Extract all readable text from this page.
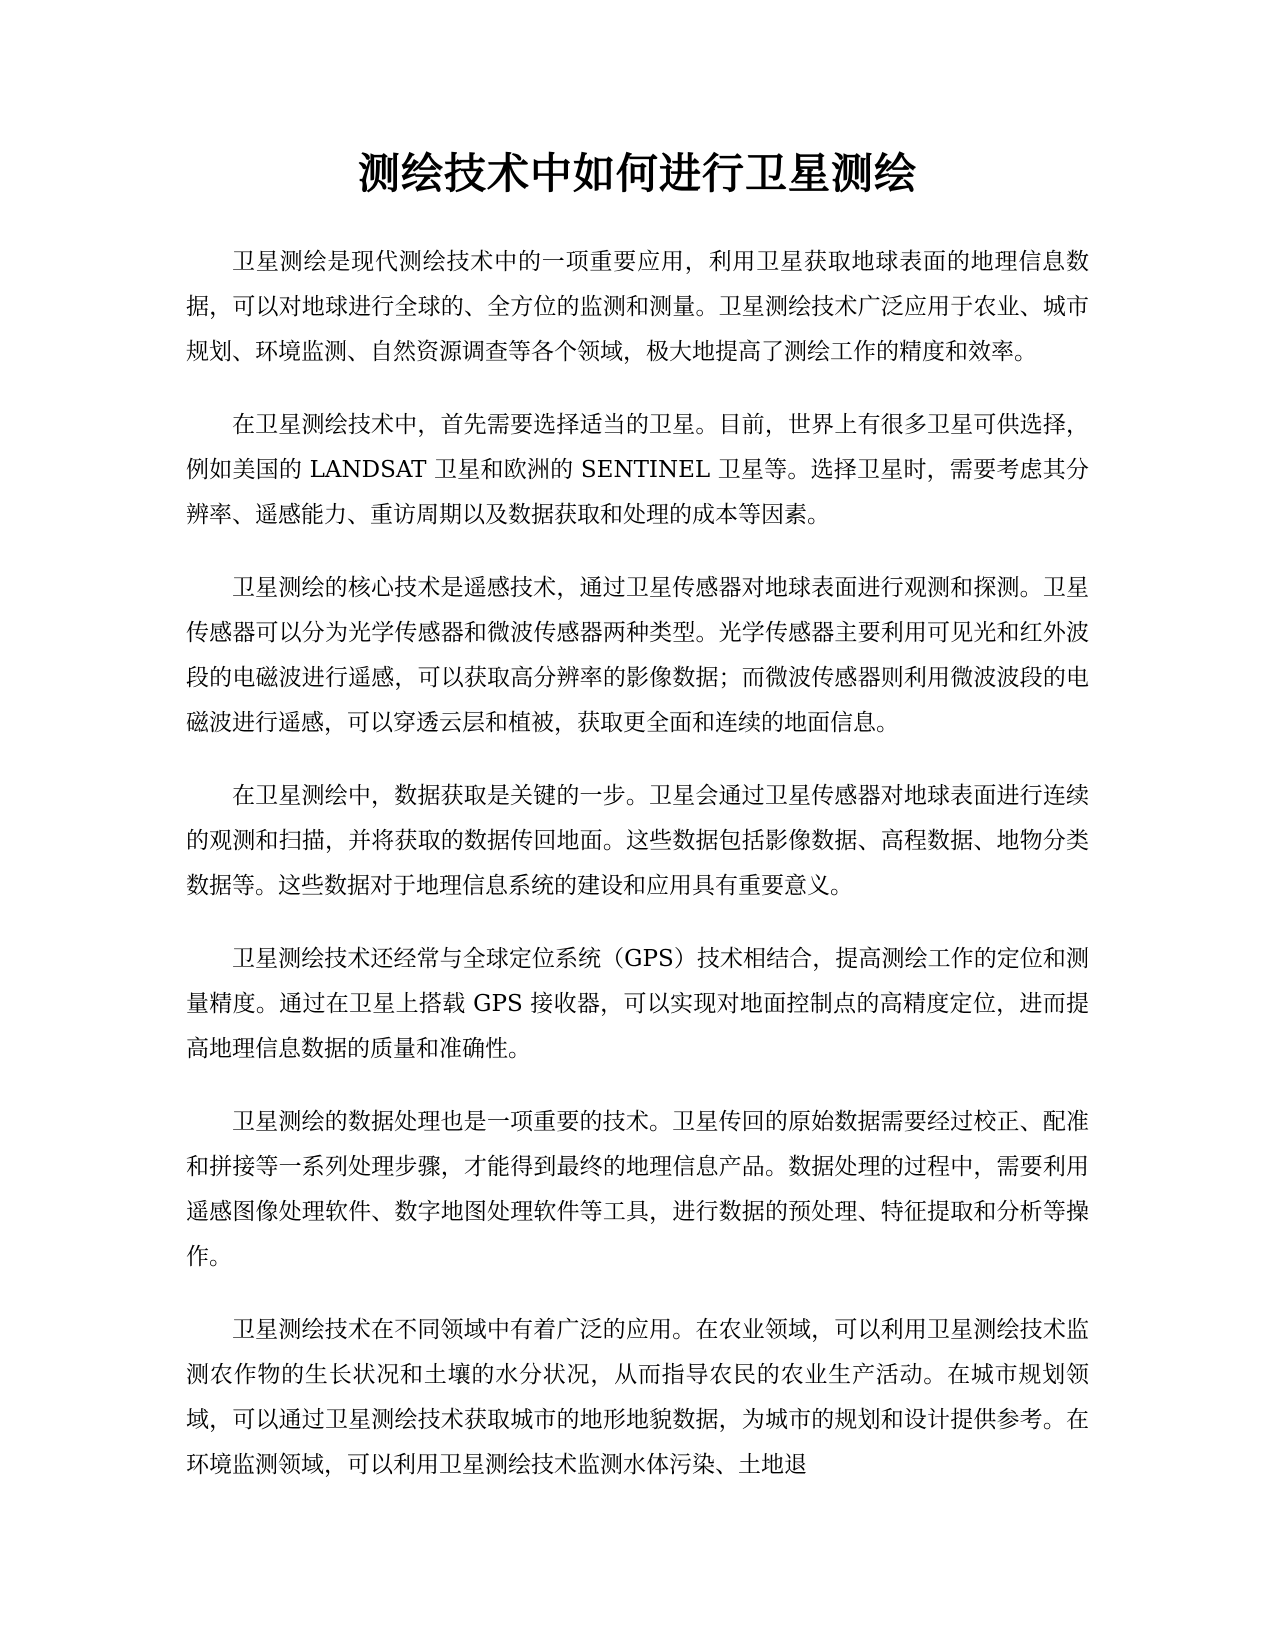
测绘技术中如何进行卫星测绘

卫星测绘是现代测绘技术中的一项重要应用，利用卫星获取地球表面的地理信息数据，可以对地球进行全球的、全方位的监测和测量。卫星测绘技术广泛应用于农业、城市规划、环境监测、自然资源调查等各个领域，极大地提高了测绘工作的精度和效率。

在卫星测绘技术中，首先需要选择适当的卫星。目前，世界上有很多卫星可供选择，例如美国的 LANDSAT 卫星和欧洲的 SENTINEL 卫星等。选择卫星时，需要考虑其分辨率、遥感能力、重访周期以及数据获取和处理的成本等因素。

卫星测绘的核心技术是遥感技术，通过卫星传感器对地球表面进行观测和探测。卫星传感器可以分为光学传感器和微波传感器两种类型。光学传感器主要利用可见光和红外波段的电磁波进行遥感，可以获取高分辨率的影像数据；而微波传感器则利用微波波段的电磁波进行遥感，可以穿透云层和植被，获取更全面和连续的地面信息。

在卫星测绘中，数据获取是关键的一步。卫星会通过卫星传感器对地球表面进行连续的观测和扫描，并将获取的数据传回地面。这些数据包括影像数据、高程数据、地物分类数据等。这些数据对于地理信息系统的建设和应用具有重要意义。

卫星测绘技术还经常与全球定位系统（GPS）技术相结合，提高测绘工作的定位和测量精度。通过在卫星上搭载 GPS 接收器，可以实现对地面控制点的高精度定位，进而提高地理信息数据的质量和准确性。

卫星测绘的数据处理也是一项重要的技术。卫星传回的原始数据需要经过校正、配准和拼接等一系列处理步骤，才能得到最终的地理信息产品。数据处理的过程中，需要利用遥感图像处理软件、数字地图处理软件等工具，进行数据的预处理、特征提取和分析等操作。

卫星测绘技术在不同领域中有着广泛的应用。在农业领域，可以利用卫星测绘技术监测农作物的生长状况和土壤的水分状况，从而指导农民的农业生产活动。在城市规划领域，可以通过卫星测绘技术获取城市的地形地貌数据，为城市的规划和设计提供参考。在环境监测领域，可以利用卫星测绘技术监测水体污染、土地退
